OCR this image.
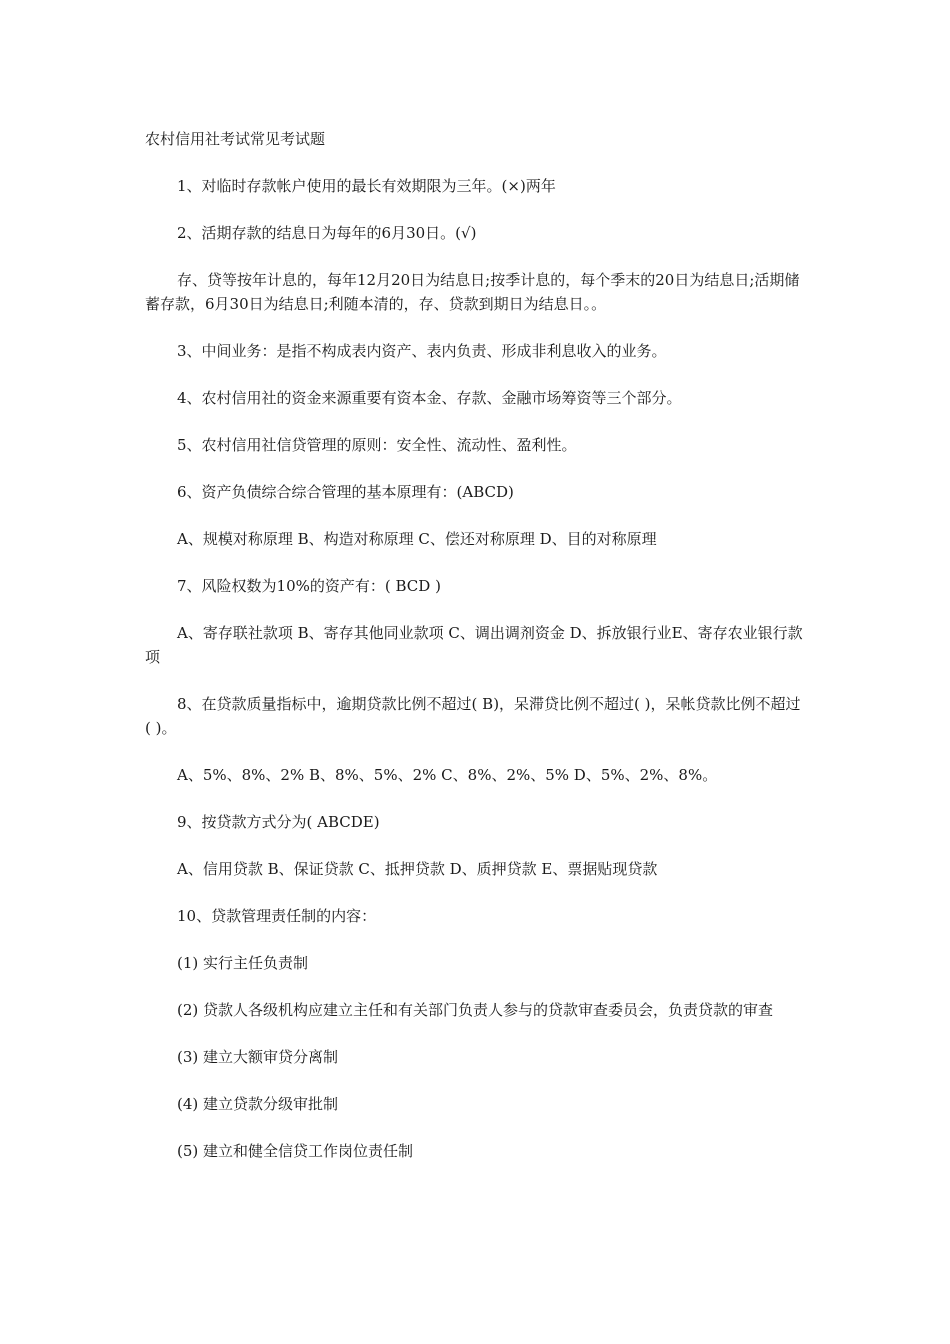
农村信用社考试常见考试题

1、对临时存款帐户使用的最长有效期限为三年。(×)两年

2、活期存款的结息日为每年的6月30日。(√)

存、贷等按年计息的，每年12月20日为结息日;按季计息的，每个季末的20日为结息日;活期储蓄存款，6月30日为结息日;利随本清的，存、贷款到期日为结息日。。

3、中间业务：是指不构成表内资产、表内负责、形成非利息收入的业务。

4、农村信用社的资金来源重要有资本金、存款、金融市场筹资等三个部分。

5、农村信用社信贷管理的原则：安全性、流动性、盈利性。

6、资产负债综合综合管理的基本原理有：(ABCD)

A、规模对称原理 B、构造对称原理 C、偿还对称原理 D、目的对称原理

7、风险权数为10%的资产有：( BCD )

A、寄存联社款项 B、寄存其他同业款项 C、调出调剂资金 D、拆放银行业E、寄存农业银行款项

8、在贷款质量指标中，逾期贷款比例不超过( B)，呆滞贷比例不超过( )，呆帐贷款比例不超过( )。

A、5%、8%、2% B、8%、5%、2% C、8%、2%、5% D、5%、2%、8%。

9、按贷款方式分为( ABCDE)

A、信用贷款 B、保证贷款 C、抵押贷款 D、质押贷款 E、票据贴现贷款

10、贷款管理责任制的内容：

(1) 实行主任负责制

(2) 贷款人各级机构应建立主任和有关部门负责人参与的贷款审查委员会，负责贷款的审查

(3) 建立大额审贷分离制

(4) 建立贷款分级审批制

(5) 建立和健全信贷工作岗位责任制
